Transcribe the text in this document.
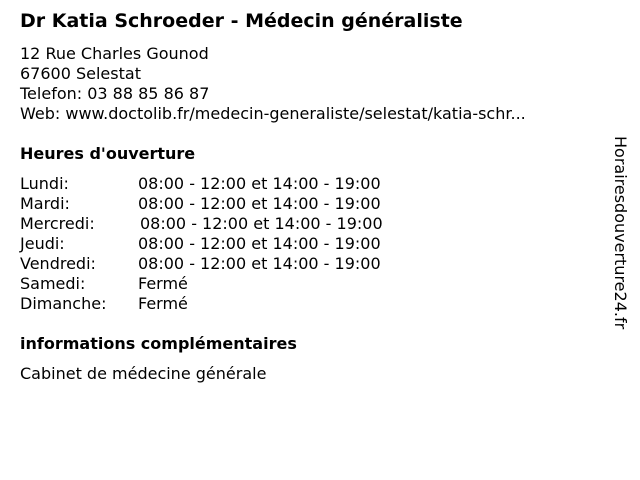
Dr Katia Schroeder - Médecin généraliste
12 Rue Charles Gounod
67600 Selestat
Telefon: 03 88 85 86 87
Web: www.doctolib.fr/medecin-generaliste/selestat/katia-schr...
Heures d'ouverture
Lundi:	08:00 - 12:00 et 14:00 - 19:00
Mardi:	08:00 - 12:00 et 14:00 - 19:00
Mercredi:	08:00 - 12:00 et 14:00 - 19:00
Jeudi:	08:00 - 12:00 et 14:00 - 19:00
Vendredi:	08:00 - 12:00 et 14:00 - 19:00
Samedi:	Fermé
Dimanche: Fermé
informations complémentaires
Cabinet de médecine générale
Horairesdouverture24.fr
